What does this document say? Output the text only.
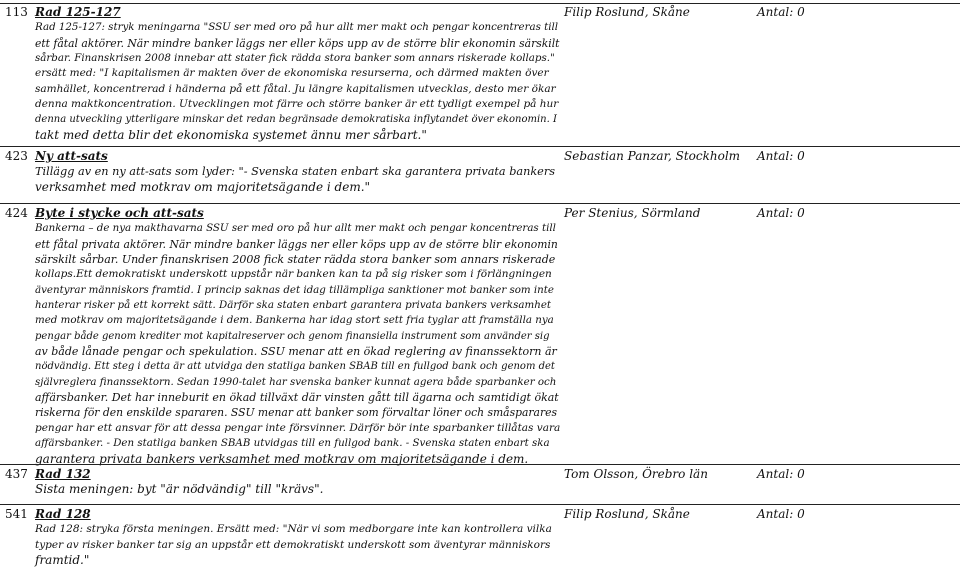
113 Rad 125-127
Rad 125-127: stryk meningarna "SSU ser med oro på hur allt mer makt och pengar koncentreras till
ett fåtal aktörer. När mindre banker läggs ner eller köps upp av de större blir ekonomin särskilt
sårbar. Finanskrisen 2008 innebar att stater fick rädda stora banker som annars riskerade kollaps."
ersätt med: "I kapitalismen är makten över de ekonomiska resurserna, och därmed makten över
samhället, koncentrerad i händerna på ett fåtal. Ju längre kapitalismen utvecklas, desto mer ökar
denna maktkoncentration. Utvecklingen mot färre och större banker är ett tydligt exempel på hur
denna utveckling ytterligare minskar det redan begränsade demokratiska inflytandet över ekonomin. I
takt med detta blir det ekonomiska systemet ännu mer sårbart."
Filip Roslund, Skåne	Antal: 0
423 Ny att-sats
Tillägg av en ny att-sats som lyder: "- Svenska staten enbart ska garantera privata bankers
verksamhet med motkrav om majoritetsägande i dem."
Sebastian Panzar, Stockholm Antal: 0
424 Byte i stycke och att-sats
Bankerna – de nya makthavarna SSU ser med oro på hur allt mer makt och pengar koncentreras till
ett fåtal privata aktörer. När mindre banker läggs ner eller köps upp av de större blir ekonomin
särskilt sårbar. Under finanskrisen 2008 fick stater rädda stora banker som annars riskerade
kollaps.Ett demokratiskt underskott uppstår när banken kan ta på sig risker som i förlängningen
äventyrar människors framtid. I princip saknas det idag tillämpliga sanktioner mot banker som inte
hanterar risker på ett korrekt sätt. Därför ska staten enbart garantera privata bankers verksamhet
med motkrav om majoritetsägande i dem. Bankerna har idag stort sett fria tyglar att framställa nya
pengar både genom krediter mot kapitalreserver och genom finansiella instrument som använder sig
av både lånade pengar och spekulation. SSU menar att en ökad reglering av finanssektorn är
nödvändig. Ett steg i detta är att utvidga den statliga banken SBAB till en fullgod bank och genom det
självreglera finanssektorn. Sedan 1990-talet har svenska banker kunnat agera både sparbanker och
affärsbanker. Det har inneburit en ökad tillväxt där vinsten gått till ägarna och samtidigt ökat
riskerna för den enskilde spararen. SSU menar att banker som förvaltar löner och småsparares
pengar har ett ansvar för att dessa pengar inte försvinner. Därför bör inte sparbanker tillåtas vara
affärsbanker. - Den statliga banken SBAB utvidgas till en fullgod bank. - Svenska staten enbart ska
garantera privata bankers verksamhet med motkrav om majoritetsägande i dem.
Per Stenius, Sörmland	Antal: 0
437 Rad 132
Sista meningen: byt "är nödvändig" till "krävs".
Tom Olsson, Örebro län	Antal: 0
541 Rad 128
Rad 128: stryka första meningen. Ersätt med: "När vi som medborgare inte kan kontrollera vilka
typer av risker banker tar sig an uppstår ett demokratiskt underskott som äventyrar människors
framtid."
Filip Roslund, Skåne	Antal: 0
